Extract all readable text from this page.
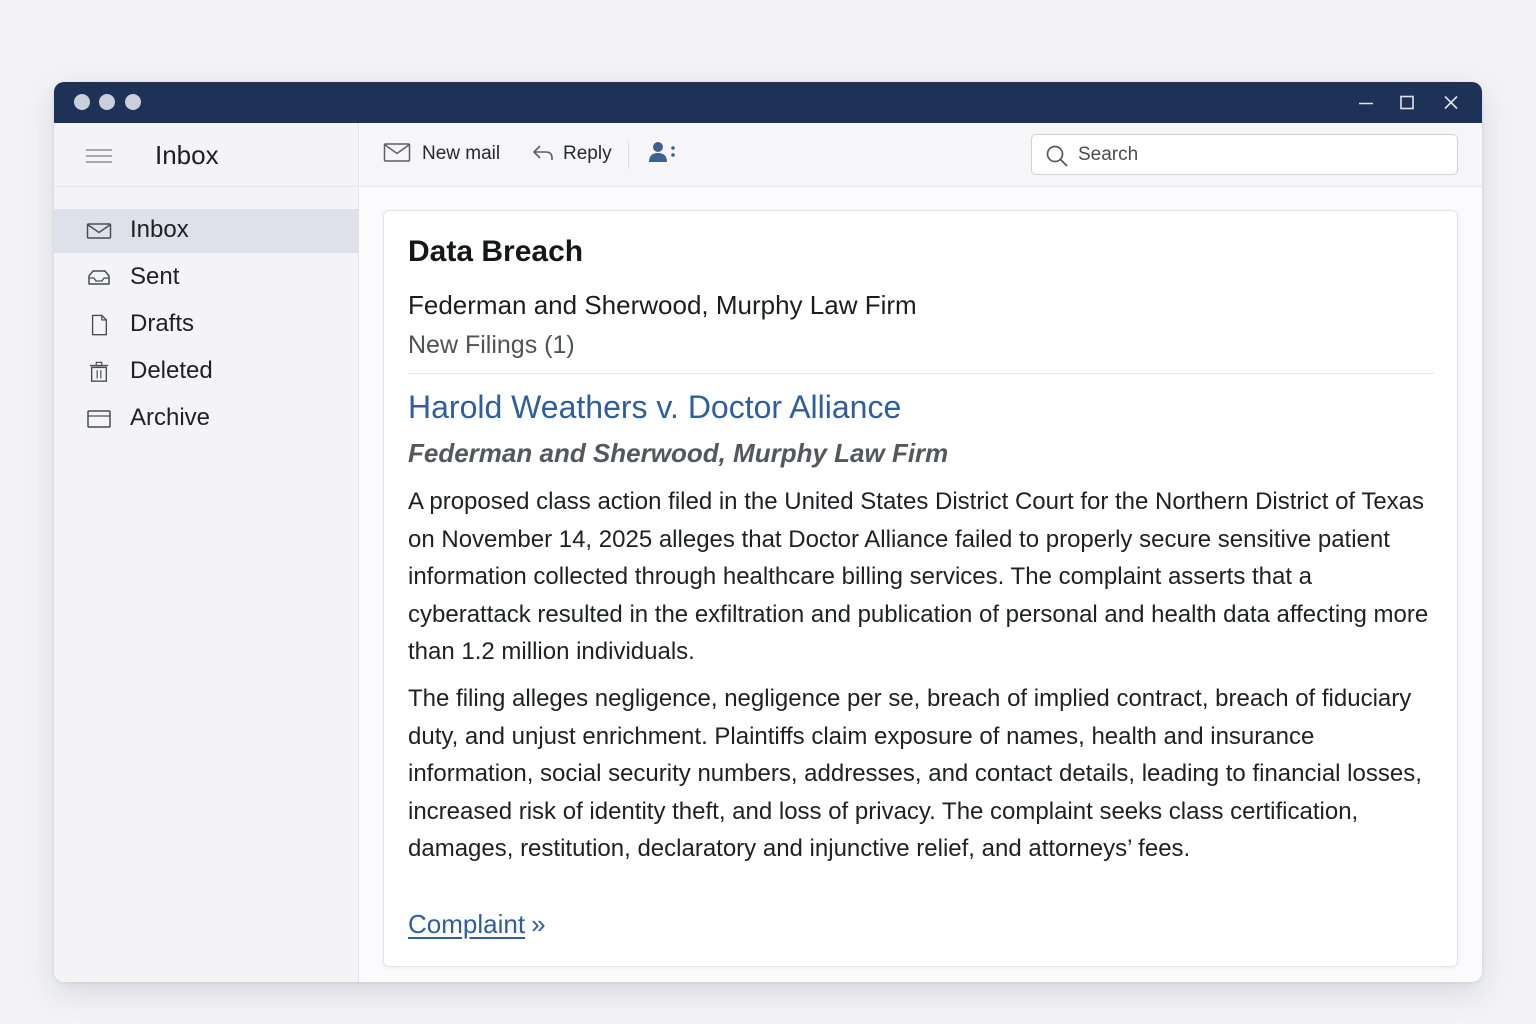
Inbox
Inbox
Sent
Drafts
Deleted
Archive
New mail	Reply
Search
Data Breach
Federman and Sherwood, Murphy Law Firm
New Filings (1)
Harold Weathers v. Doctor Alliance
Federman and Sherwood, Murphy Law Firm

A proposed class action filed in the United States District Court for the Northern District of Texas on November 14, 2025 alleges that Doctor Alliance failed to properly secure sensitive patient information collected through healthcare billing services. The complaint asserts that a cyberattack resulted in the exfiltration and publication of personal and health data affecting more than 1.2 million individuals.

The filing alleges negligence, negligence per se, breach of implied contract, breach of fiduciary duty, and unjust enrichment. Plaintiffs claim exposure of names, health and insurance information, social security numbers, addresses, and contact details, leading to financial losses, increased risk of identity theft, and loss of privacy. The complaint seeks class certification, damages, restitution, declaratory and injunctive relief, and attorneys’ fees.

Complaint »
